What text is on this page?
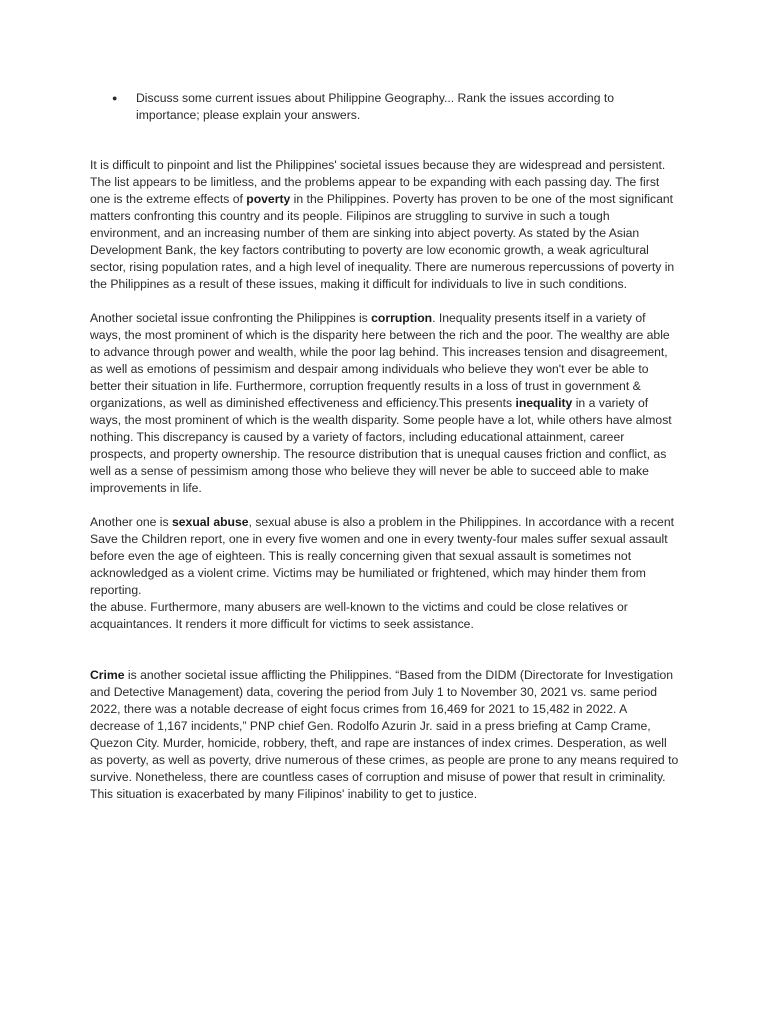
●	Discuss some current issues about Philippine Geography... Rank the issues according to importance; please explain your answers.

It is difficult to pinpoint and list the Philippines' societal issues because they are widespread and persistent. The list appears to be limitless, and the problems appear to be expanding with each passing day. The first one is the extreme effects of poverty in the Philippines. Poverty has proven to be one of the most significant matters confronting this country and its people. Filipinos are struggling to survive in such a tough environment, and an increasing number of them are sinking into abject poverty. As stated by the Asian Development Bank, the key factors contributing to poverty are low economic growth, a weak agricultural sector, rising population rates, and a high level of inequality. There are numerous repercussions of poverty in the Philippines as a result of these issues, making it difficult for individuals to live in such conditions.

Another societal issue confronting the Philippines is corruption. Inequality presents itself in a variety of ways, the most prominent of which is the disparity here between the rich and the poor. The wealthy are able to advance through power and wealth, while the poor lag behind. This increases tension and disagreement, as well as emotions of pessimism and despair among individuals who believe they won't ever be able to better their situation in life. Furthermore, corruption frequently results in a loss of trust in government & organizations, as well as diminished effectiveness and efficiency.This presents inequality in a variety of ways, the most prominent of which is the wealth disparity. Some people have a lot, while others have almost nothing. This discrepancy is caused by a variety of factors, including educational attainment, career prospects, and property ownership. The resource distribution that is unequal causes friction and conflict, as well as a sense of pessimism among those who believe they will never be able to succeed able to make improvements in life.

Another one is sexual abuse, sexual abuse is also a problem in the Philippines. In accordance with a recent Save the Children report, one in every five women and one in every twenty-four males suffer sexual assault before even the age of eighteen. This is really concerning given that sexual assault is sometimes not acknowledged as a violent crime. Victims may be humiliated or frightened, which may hinder them from reporting.

the abuse. Furthermore, many abusers are well-known to the victims and could be close relatives or acquaintances. It renders it more difficult for victims to seek assistance.

Crime is another societal issue afflicting the Philippines. “Based from the DIDM (Directorate for Investigation and Detective Management) data, covering the period from July 1 to November 30, 2021 vs. same period 2022, there was a notable decrease of eight focus crimes from 16,469 for 2021 to 15,482 in 2022. A decrease of 1,167 incidents,” PNP chief Gen. Rodolfo Azurin Jr. said in a press briefing at Camp Crame, Quezon City. Murder, homicide, robbery, theft, and rape are instances of index crimes. Desperation, as well as poverty, as well as poverty, drive numerous of these crimes, as people are prone to any means required to survive. Nonetheless, there are countless cases of corruption and misuse of power that result in criminality. This situation is exacerbated by many Filipinos' inability to get to justice.
